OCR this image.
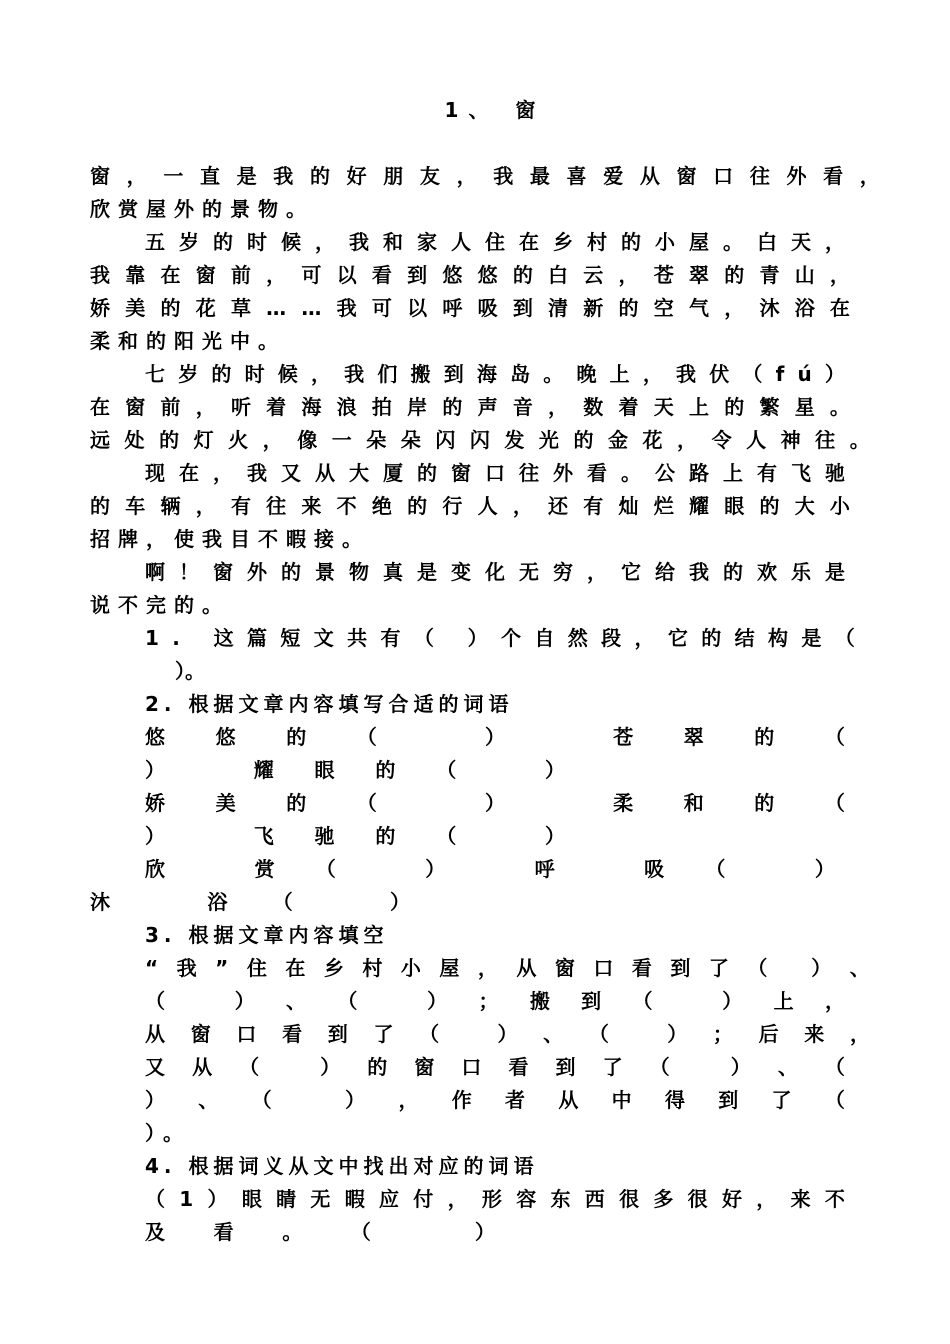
1、 窗
窗 ， 一 直 是 我 的 好 朋 友 ， 我 最 喜 爱 从 窗 口 往 外 看 ，
欣赏屋外的景物。
五 岁 的 时 候 ， 我 和 家 人 住 在 乡 村 的 小 屋 。 白 天 ，
我 靠 在 窗 前 ， 可 以 看 到 悠 悠 的 白 云 ， 苍 翠 的 青 山 ，
娇 美 的 花 草 … … 我 可 以 呼 吸 到 清 新 的 空 气 ， 沐 浴 在
柔和的阳光中。
七 岁 的 时 候 ， 我 们 搬 到 海 岛 。 晚 上 ， 我 伏 （ f ú ）
在 窗 前 ， 听 着 海 浪 拍 岸 的 声 音 ， 数 着 天 上 的 繁 星 。
远 处 的 灯 火 ， 像 一 朵 朵 闪 闪 发 光 的 金 花 ， 令 人 神 往 。
现 在 ， 我 又 从 大 厦 的 窗 口 往 外 看 。 公 路 上 有 飞 驰
的 车 辆 ， 有 往 来 不 绝 的 行 人 ， 还 有 灿 烂 耀 眼 的 大 小
招牌，使我目不暇接。
啊 ！ 窗 外 的 景 物 真 是 变 化 无 穷 ， 它 给 我 的 欢 乐 是
说不完的。
1 .
这 篇 短 文 共 有 （
） 个 自 然 段 ， 它 的 结 构 是 （
）。
2. 根据文章内容填写合适的词语
悠	悠	的	（
	）
	苍	翠	的	（
）
	耀 眼 的 （
	）
娇	美	的	（
	）
	柔	和	的	（
）
	飞 驰 的 （
	）
欣
	赏 （
	）
	呼
	吸 （
	）
沐
	浴 （
	）
3. 根据文章内容填空
“ 我 ” 住 在 乡 村 小 屋 ， 从 窗 口 看 到 了 （
） 、
（
	） 、 （
	） ； 搬 到 （
	） 上 ，
从 窗 口 看 到 了 （
	） 、 （
	） ； 后 来 ，
又 从 （
	） 的 窗 口 看 到 了 （
	） 、 （
） 、 （
	） ， 作 者 从 中 得 到 了 （
）。
4. 根据词义从文中找出对应的词语
（ 1 ） 眼 睛 无 暇 应 付 ， 形 容 东 西 很 多 很 好 ， 来 不
及 看 。 （
	）
